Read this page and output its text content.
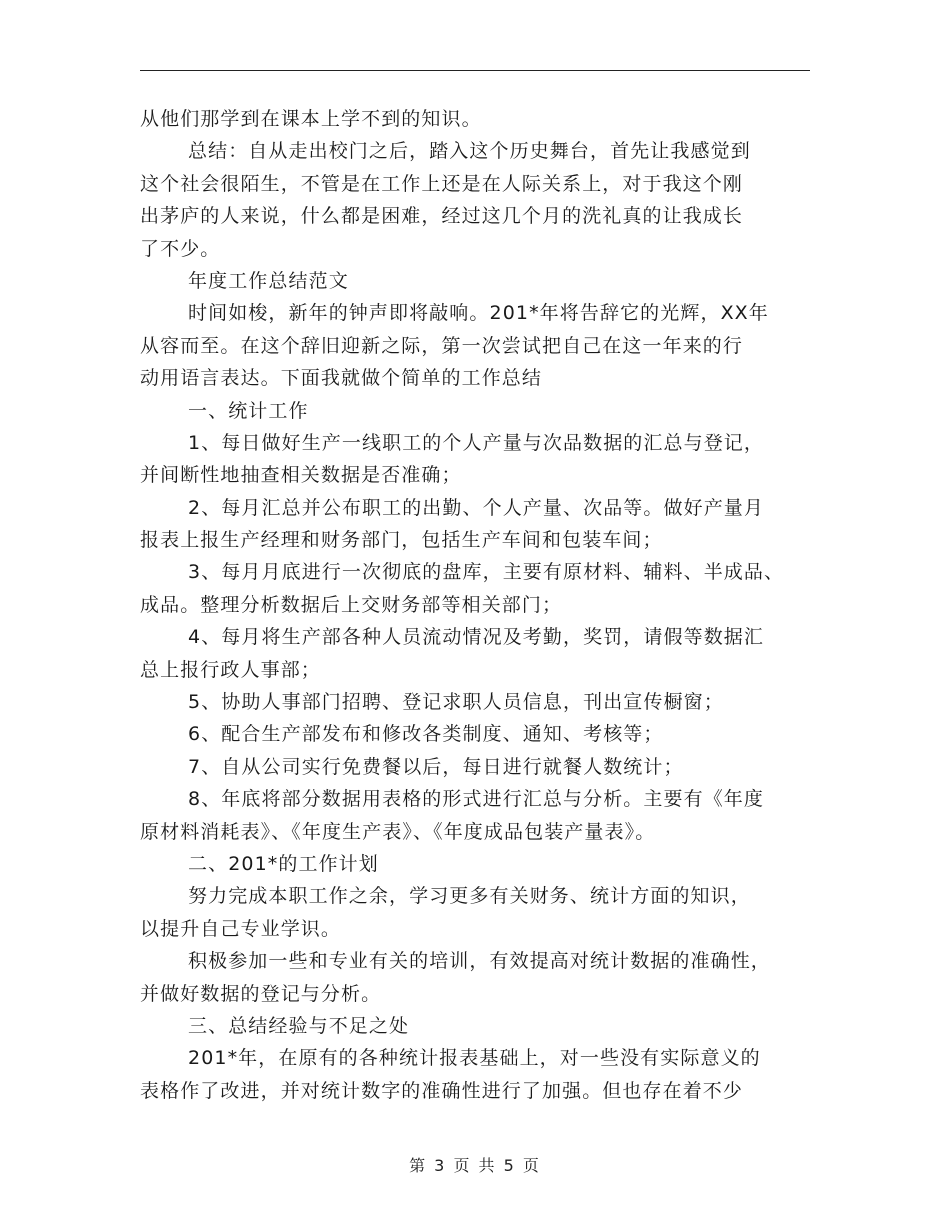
从他们那学到在课本上学不到的知识。
总结：自从走出校门之后，踏入这个历史舞台，首先让我感觉到
这个社会很陌生，不管是在工作上还是在人际关系上，对于我这个刚
出茅庐的人来说，什么都是困难，经过这几个月的洗礼真的让我成长
了不少。
年度工作总结范文
时间如梭，新年的钟声即将敲响。201*年将告辞它的光辉，XX年
从容而至。在这个辞旧迎新之际，第一次尝试把自己在这一年来的行
动用语言表达。下面我就做个简单的工作总结
一、统计工作
1、每日做好生产一线职工的个人产量与次品数据的汇总与登记，
并间断性地抽查相关数据是否准确；
2、每月汇总并公布职工的出勤、个人产量、次品等。做好产量月
报表上报生产经理和财务部门，包括生产车间和包装车间；
3、每月月底进行一次彻底的盘库，主要有原材料、辅料、半成品、
成品。整理分析数据后上交财务部等相关部门；
4、每月将生产部各种人员流动情况及考勤，奖罚，请假等数据汇
总上报行政人事部；
5、协助人事部门招聘、登记求职人员信息，刊出宣传橱窗；
6、配合生产部发布和修改各类制度、通知、考核等；
7、自从公司实行免费餐以后，每日进行就餐人数统计；
8、年底将部分数据用表格的形式进行汇总与分析。主要有《年度
原材料消耗表》、《年度生产表》、《年度成品包装产量表》。
二、201*的工作计划
努力完成本职工作之余，学习更多有关财务、统计方面的知识，
以提升自己专业学识。
积极参加一些和专业有关的培训，有效提高对统计数据的准确性，
并做好数据的登记与分析。
三、总结经验与不足之处
201*年，在原有的各种统计报表基础上，对一些没有实际意义的
表格作了改进，并对统计数字的准确性进行了加强。但也存在着不少
第 3 页 共 5 页
